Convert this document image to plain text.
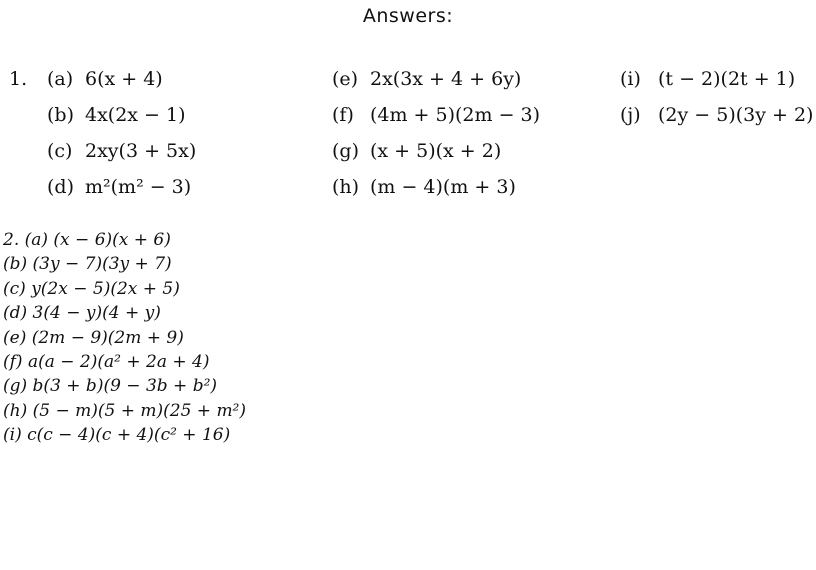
Answers:
1. (a) 6(x + 4)
(b) 4x(2x − 1)
(c) 2xy(3 + 5x)
(d) m²(m² − 3)
(e) 2x(3x + 4 + 6y)
(f) (4m + 5)(2m − 3)
(g) (x + 5)(x + 2)
(h) (m − 4)(m + 3)
(i) (t − 2)(2t + 1)
(j) (2y − 5)(3y + 2)
2. (a) (x − 6)(x + 6)
(b) (3y − 7)(3y + 7)
(c) y(2x − 5)(2x + 5)
(d) 3(4 − y)(4 + y)
(e) (2m − 9)(2m + 9)
(f) a(a − 2)(a² + 2a + 4)
(g) b(3 + b)(9 − 3b + b²)
(h) (5 − m)(5 + m)(25 + m²)
(i) c(c − 4)(c + 4)(c² + 16)
